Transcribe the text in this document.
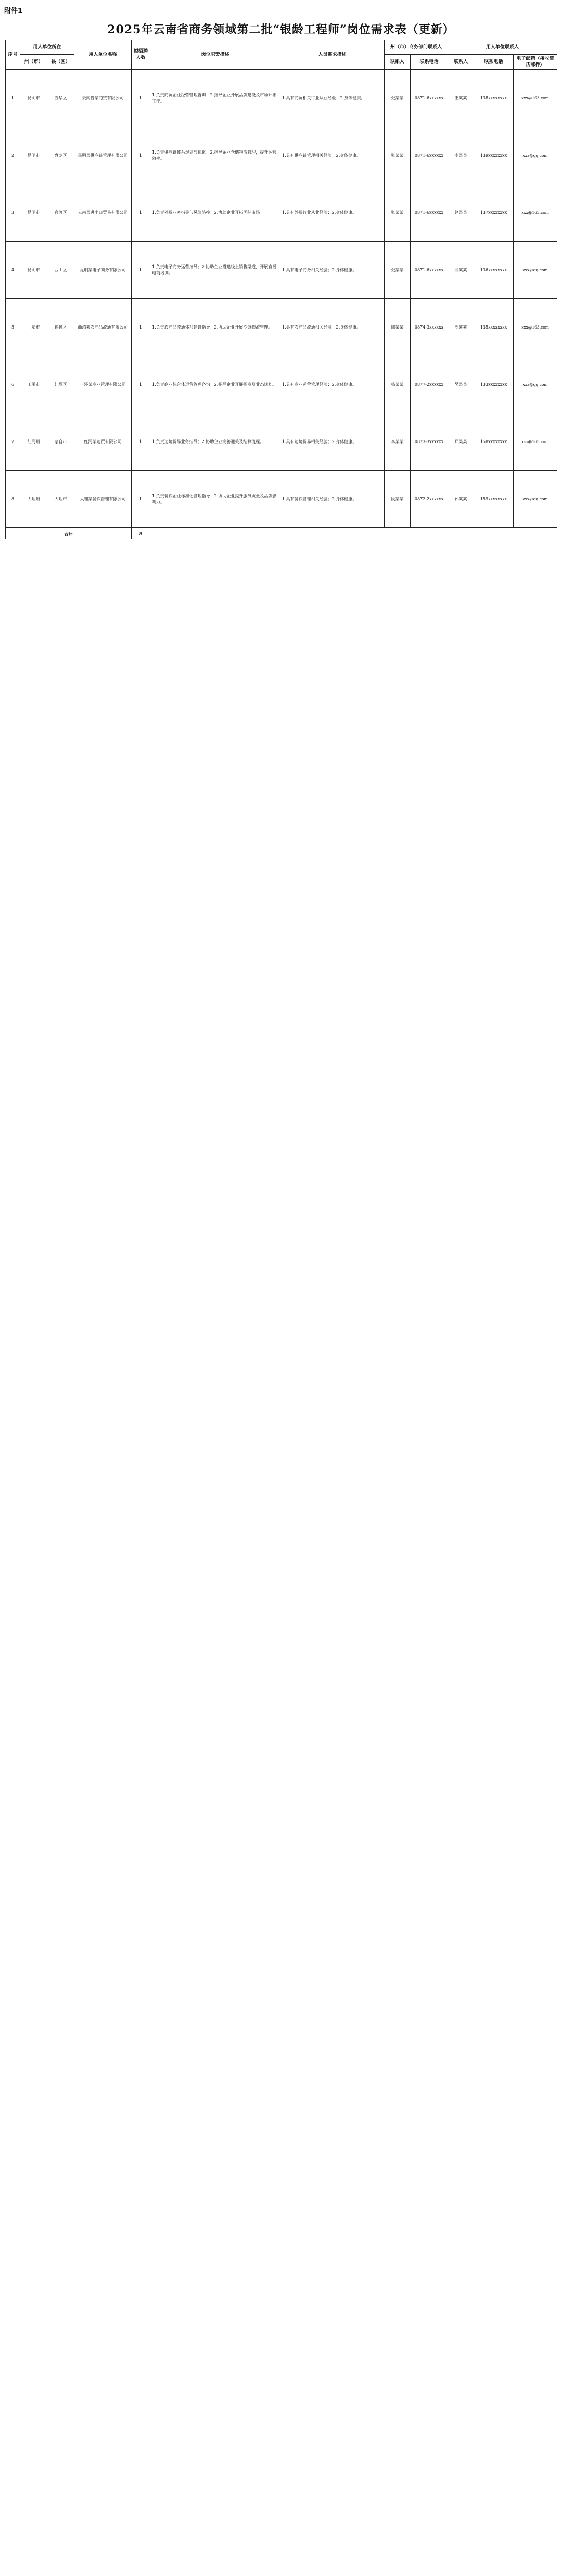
附件1
2025年云南省商务领域第二批“银龄工程师”岗位需求表（更新）
序号	用人单位所在		用人单位名称	拟招聘人数	岗位职责描述	人员需求描述	州（市）商务部门联系人		用人单位联系人		
	州（市）	县（区）					联系人	联系电话	联系人	联系电话	电子邮箱（接收简历邮件）
1	昆明市	五华区	云南省某商贸有限公司	1	1.负责商贸企业经营管理咨询；2.指导企业开展品牌建设及市场开拓工作。	1.具有商贸相关行业从业经验；2.身体健康。	张某某	0871-6xxxxxx	王某某	138xxxxxxxx	xxx@163.com
2	昆明市	盘龙区	昆明某供应链管理有限公司	1	1.负责供应链体系规划与优化；2.指导企业仓储物流管理，提升运营效率。	1.具有供应链管理相关经验；2.身体健康。	张某某	0871-6xxxxxx	李某某	139xxxxxxxx	xxx@qq.com
3	昆明市	官渡区	云南某进出口贸易有限公司	1	1.负责外贸业务指导与风险防控；2.协助企业开拓国际市场。	1.具有外贸行业从业经验；2.身体健康。	张某某	0871-6xxxxxx	赵某某	137xxxxxxxx	xxx@163.com
4	昆明市	西山区	昆明某电子商务有限公司	1	1.负责电子商务运营指导；2.协助企业搭建线上销售渠道，开展直播电商培训。	1.具有电子商务相关经验；2.身体健康。	张某某	0871-6xxxxxx	刘某某	136xxxxxxxx	xxx@qq.com
5	曲靖市	麒麟区	曲靖某农产品流通有限公司	1	1.负责农产品流通体系建设指导；2.协助企业开展冷链物流管理。	1.具有农产品流通相关经验；2.身体健康。	陈某某	0874-3xxxxxx	周某某	135xxxxxxxx	xxx@163.com
6	玉溪市	红塔区	玉溪某商业管理有限公司	1	1.负责商业综合体运营管理咨询；2.指导企业开展招商及业态规划。	1.具有商业运营管理经验；2.身体健康。	杨某某	0877-2xxxxxx	吴某某	133xxxxxxxx	xxx@qq.com
7	红河州	蒙自市	红河某边贸有限公司	1	1.负责边境贸易业务指导；2.协助企业完善通关及结算流程。	1.具有边境贸易相关经验；2.身体健康。	李某某	0873-3xxxxxx	郑某某	158xxxxxxxx	xxx@163.com
8	大理州	大理市	大理某餐饮管理有限公司	1	1.负责餐饮企业标准化管理指导；2.协助企业提升服务质量及品牌影响力。	1.具有餐饮管理相关经验；2.身体健康。	段某某	0872-2xxxxxx	孙某某	159xxxxxxxx	xxx@qq.com
合计				8							
